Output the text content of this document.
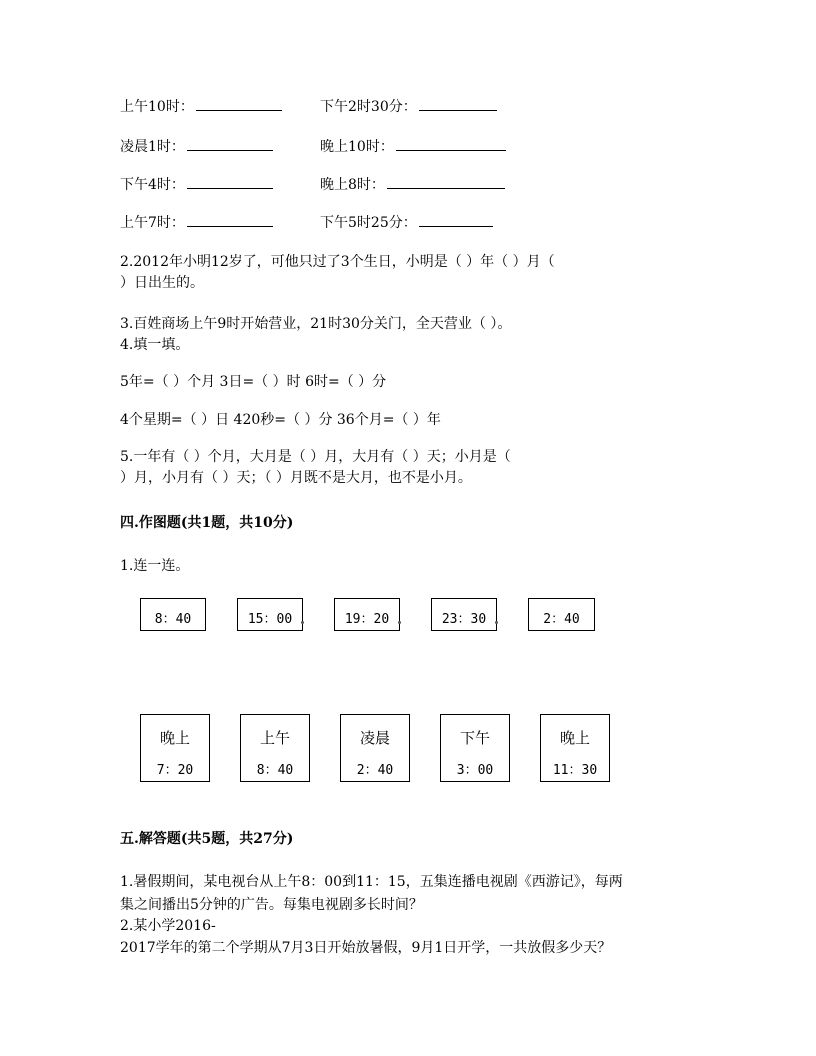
上午10时：	下午2时30分：
凌晨1时：	晚上10时：
下午4时：	晚上8时：
上午7时：	下午5时25分：
2.2012年小明12岁了，可他只过了3个生日，小明是（ ）年（ ）月（
）日出生的。
3.百姓商场上午9时开始营业，21时30分关门，全天营业（ ）。
4.填一填。
5年=（ ）个月 3日=（ ）时 6时=（ ）分
4个星期=（ ）日 420秒=（ ）分 36个月=（ ）年
5.一年有（ ）个月，大月是（ ）月，大月有（ ）天；小月是（
）月，小月有（ ）天；（ ）月既不是大月，也不是小月。
四.作图题(共1题，共10分)
1.连一连。
8：40	15：00	19：20	23：30	2：40
晚上
7：20
上午
8：40
凌晨
2：40
下午
3：00
晚上
11：30
五.解答题(共5题，共27分)
1.暑假期间，某电视台从上午8：00到11：15，五集连播电视剧《西游记》，每两
集之间播出5分钟的广告。每集电视剧多长时间？
2.某小学2016-
2017学年的第二个学期从7月3日开始放暑假，9月1日开学，一共放假多少天？
